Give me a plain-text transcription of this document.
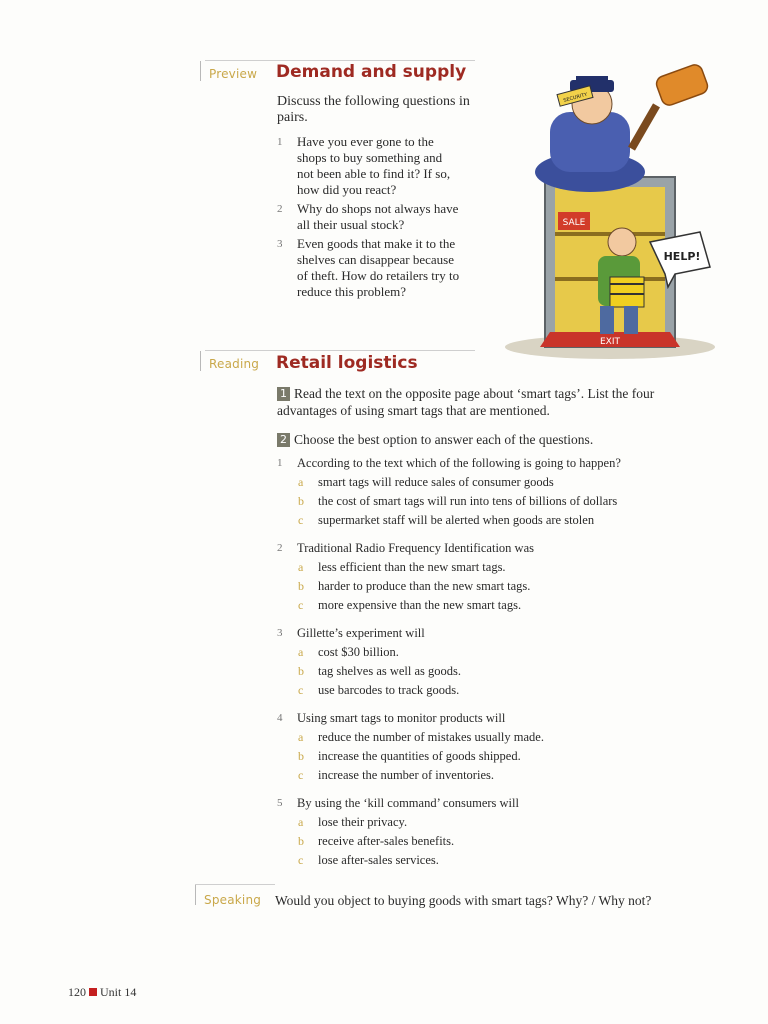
Preview Demand and supply
Discuss the following questions in pairs.
1 Have you ever gone to the shops to buy something and not been able to find it? If so, how did you react?
2 Why do shops not always have all their usual stock?
3 Even goods that make it to the shelves can disappear because of theft. How do retailers try to reduce this problem?
SALE
EXIT
HELP!
SECURITY
Reading Retail logistics
1 Read the text on the opposite page about ‘smart tags’. List the four advantages of using smart tags that are mentioned.
2 Choose the best option to answer each of the questions.
1 According to the text which of the following is going to happen?
a smart tags will reduce sales of consumer goods
b the cost of smart tags will run into tens of billions of dollars
c supermarket staff will be alerted when goods are stolen
2 Traditional Radio Frequency Identification was
a less efficient than the new smart tags.
b harder to produce than the new smart tags.
c more expensive than the new smart tags.
3 Gillette’s experiment will
a cost $30 billion.
b tag shelves as well as goods.
c use barcodes to track goods.
4 Using smart tags to monitor products will
a reduce the number of mistakes usually made.
b increase the quantities of goods shipped.
c increase the number of inventories.
5 By using the ‘kill command’ consumers will
a lose their privacy.
b receive after-sales benefits.
c lose after-sales services.
Speaking Would you object to buying goods with smart tags? Why? / Why not?
120 Unit 14
